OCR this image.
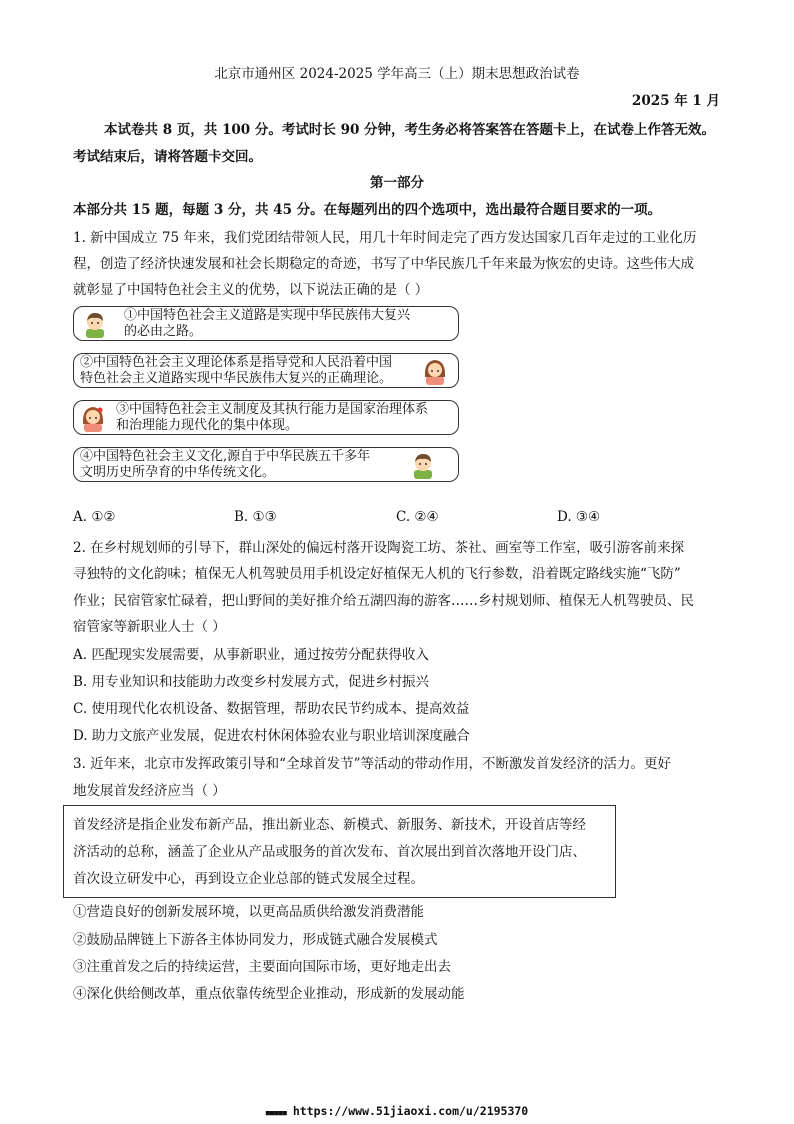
北京市通州区 2024-2025 学年高三（上）期末思想政治试卷
2025 年 1 月
本试卷共 8 页，共 100 分。考试时长 90 分钟，考生务必将答案答在答题卡上，在试卷上作答无效。
考试结束后，请将答题卡交回。
第一部分
本部分共 15 题，每题 3 分，共 45 分。在每题列出的四个选项中，选出最符合题目要求的一项。
1. 新中国成立 75 年来，我们党团结带领人民，用几十年时间走完了西方发达国家几百年走过的工业化历
程，创造了经济快速发展和社会长期稳定的奇迹，书写了中华民族几千年来最为恢宏的史诗。这些伟大成
就彰显了中国特色社会主义的优势，以下说法正确的是（ ）
①中国特色社会主义道路是实现中华民族伟大复兴
的必由之路。
②中国特色社会主义理论体系是指导党和人民沿着中国
特色社会主义道路实现中华民族伟大复兴的正确理论。
③中国特色社会主义制度及其执行能力是国家治理体系
和治理能力现代化的集中体现。
④中国特色社会主义文化,源自于中华民族五千多年
文明历史所孕育的中华传统文化。
A. ①②	B. ①③	C. ②④	D. ③④
2. 在乡村规划师的引导下，群山深处的偏远村落开设陶瓷工坊、茶社、画室等工作室，吸引游客前来探
寻独特的文化韵味；植保无人机驾驶员用手机设定好植保无人机的飞行参数，沿着既定路线实施“飞防”
作业；民宿管家忙碌着，把山野间的美好推介给五湖四海的游客……乡村规划师、植保无人机驾驶员、民
宿管家等新职业人士（ ）
A. 匹配现实发展需要，从事新职业，通过按劳分配获得收入
B. 用专业知识和技能助力改变乡村发展方式，促进乡村振兴
C. 使用现代化农机设备、数据管理，帮助农民节约成本、提高效益
D. 助力文旅产业发展，促进农村休闲体验农业与职业培训深度融合
3. 近年来，北京市发挥政策引导和“全球首发节”等活动的带动作用，不断激发首发经济的活力。更好
地发展首发经济应当（ ）
首发经济是指企业发布新产品，推出新业态、新模式、新服务、新技术，开设首店等经
济活动的总称，涵盖了企业从产品或服务的首次发布、首次展出到首次落地开设门店、
首次设立研发中心，再到设立企业总部的链式发展全过程。
①营造良好的创新发展环境，以更高品质供给激发消费潜能
②鼓励品牌链上下游各主体协同发力，形成链式融合发展模式
③注重首发之后的持续运营，主要面向国际市场，更好地走出去
④深化供给侧改革，重点依靠传统型企业推动，形成新的发展动能
■■■■■ https://www.51jiaoxi.com/u/2195370
